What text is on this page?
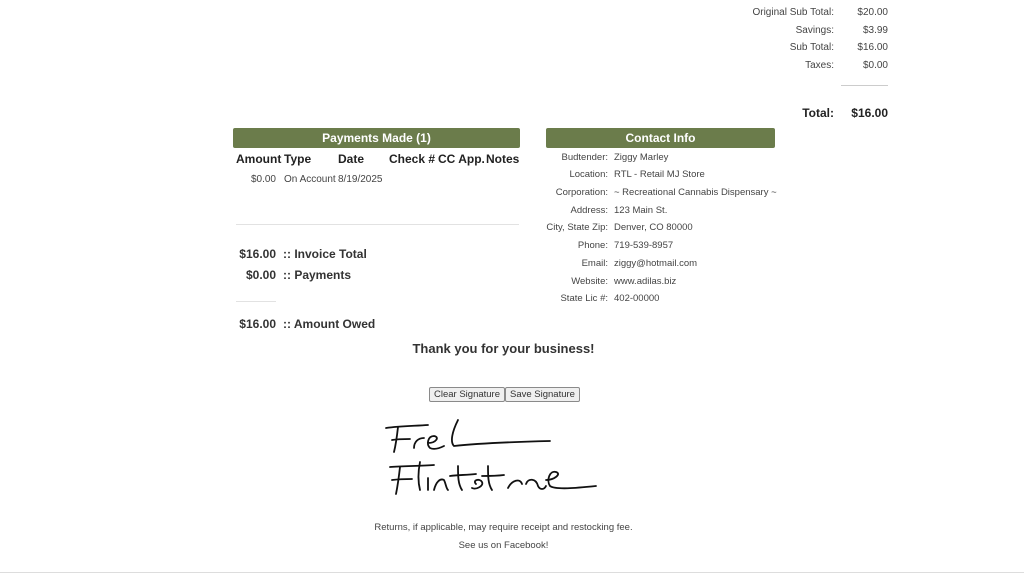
Original Sub Total: $20.00
Savings:	$3.99
Sub Total: $16.00
Taxes:	$0.00
Total: $16.00
Payments Made (1)
Amount Type Date Check # CC App. Notes
$0.00 On Account 8/19/2025
$16.00 :: Invoice Total
$0.00 :: Payments
$16.00 :: Amount Owed
Contact Info
Budtender: Ziggy Marley
Location: RTL - Retail MJ Store
Corporation: ~ Recreational Cannabis Dispensary ~
Address: 123 Main St.
City, State Zip: Denver, CO 80000
Phone: 719-539-8957
Email: ziggy@hotmail.com
Website: www.adilas.biz
State Lic #: 402-00000
Thank you for your business!
Clear Signature	Save Signature
Returns, if applicable, may require receipt and restocking fee.
See us on Facebook!
